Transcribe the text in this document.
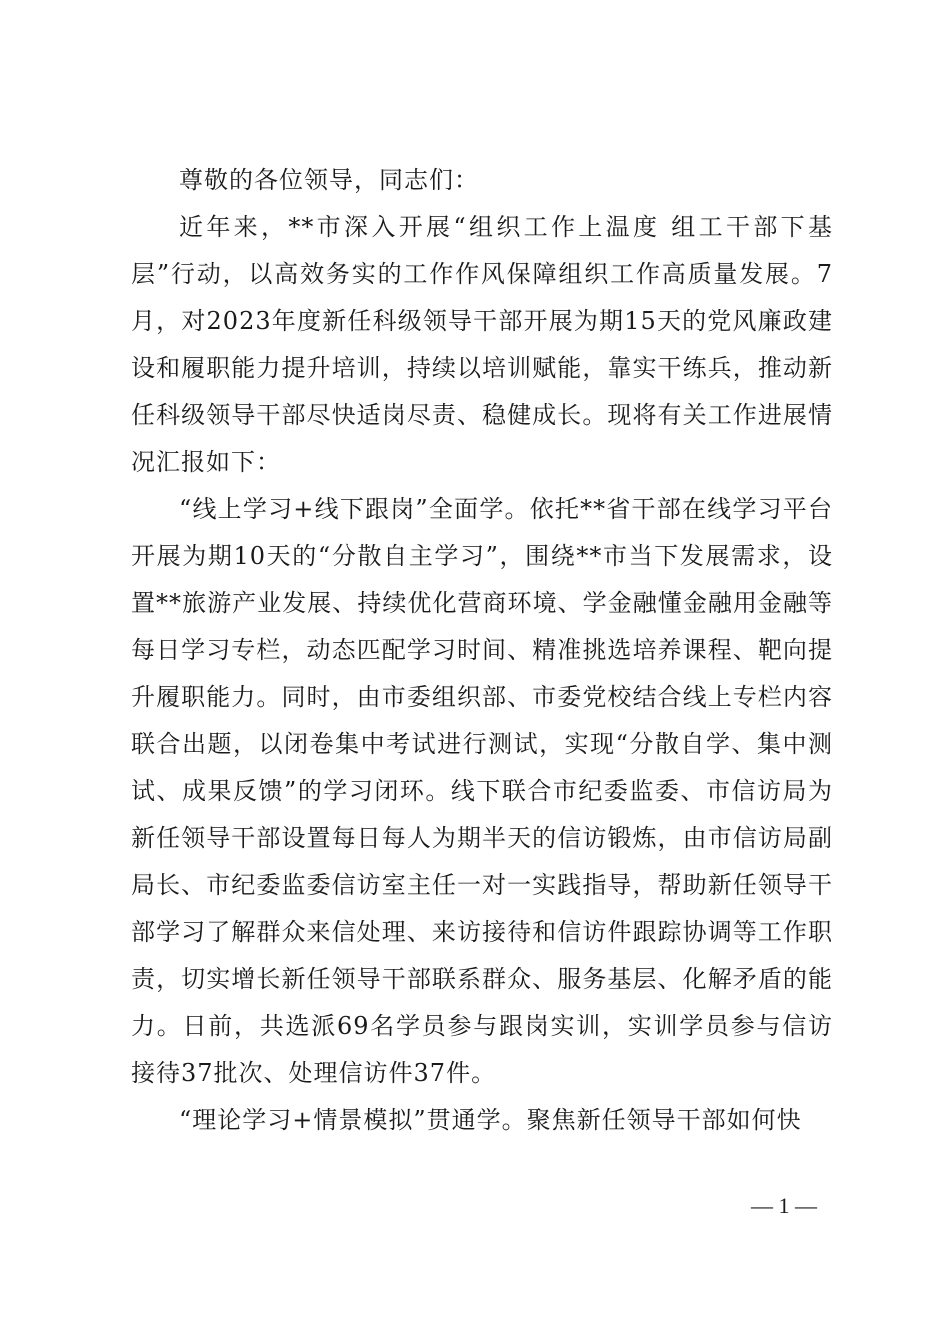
尊敬的各位领导，同志们：

近年来，**市深入开展“组织工作上温度 组工干部下基层”行动，以高效务实的工作作风保障组织工作高质量发展。7月，对2023年度新任科级领导干部开展为期15天的党风廉政建设和履职能力提升培训，持续以培训赋能，靠实干练兵，推动新任科级领导干部尽快适岗尽责、稳健成长。现将有关工作进展情况汇报如下：

“线上学习+线下跟岗”全面学。依托**省干部在线学习平台开展为期10天的“分散自主学习”，围绕**市当下发展需求，设置**旅游产业发展、持续优化营商环境、学金融懂金融用金融等每日学习专栏，动态匹配学习时间、精准挑选培养课程、靶向提升履职能力。同时，由市委组织部、市委党校结合线上专栏内容联合出题，以闭卷集中考试进行测试，实现“分散自学、集中测试、成果反馈”的学习闭环。线下联合市纪委监委、市信访局为新任领导干部设置每日每人为期半天的信访锻炼，由市信访局副局长、市纪委监委信访室主任一对一实践指导，帮助新任领导干部学习了解群众来信处理、来访接待和信访件跟踪协调等工作职责，切实增长新任领导干部联系群众、服务基层、化解矛盾的能力。日前，共选派69名学员参与跟岗实训，实训学员参与信访接待37批次、处理信访件37件。

“理论学习+情景模拟”贯通学。聚焦新任领导干部如何快

— 1 —
